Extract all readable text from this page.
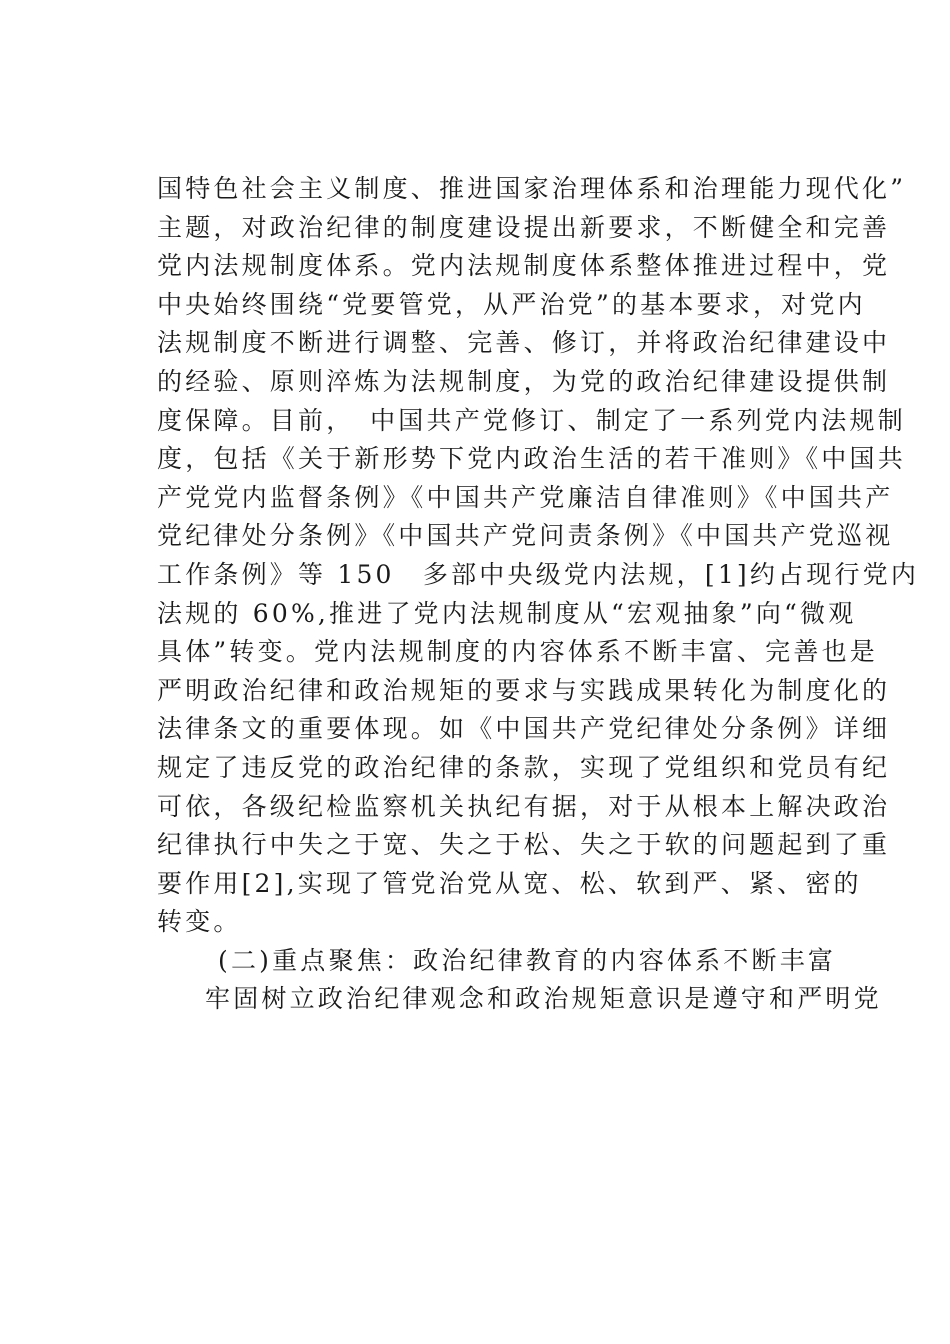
国特色社会主义制度、推进国家治理体系和治理能力现代化”
主题，对政治纪律的制度建设提出新要求，不断健全和完善
党内法规制度体系。党内法规制度体系整体推进过程中，党
中央始终围绕“党要管党，从严治党”的基本要求，对党内
法规制度不断进行调整、完善、修订，并将政治纪律建设中
的经验、原则淬炼为法规制度，为党的政治纪律建设提供制
度保障。目前，　中国共产党修订、制定了一系列党内法规制
度，包括《关于新形势下党内政治生活的若干准则》《中国共
产党党内监督条例》《中国共产党廉洁自律准则》《中国共产
党纪律处分条例》《中国共产党问责条例》《中国共产党巡视
工作条例》等 150　多部中央级党内法规，[1]约占现行党内
法规的 60%,推进了党内法规制度从“宏观抽象”向“微观
具体”转变。党内法规制度的内容体系不断丰富、完善也是
严明政治纪律和政治规矩的要求与实践成果转化为制度化的
法律条文的重要体现。如《中国共产党纪律处分条例》详细
规定了违反党的政治纪律的条款，实现了党组织和党员有纪
可依，各级纪检监察机关执纪有据，对于从根本上解决政治
纪律执行中失之于宽、失之于松、失之于软的问题起到了重
要作用[2],实现了管党治党从宽、松、软到严、紧、密的
转变。
(二)重点聚焦：政治纪律教育的内容体系不断丰富
牢固树立政治纪律观念和政治规矩意识是遵守和严明党
